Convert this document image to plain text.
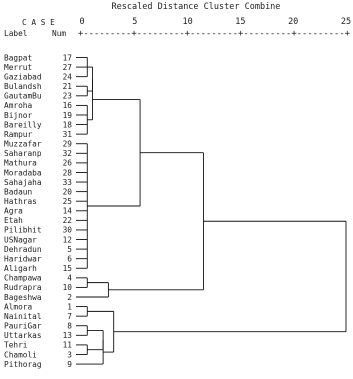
Rescaled Distance Cluster Combine
C A S E
Label	Num
0	5	10	15	20	25
+---------+---------+---------+---------+---------+
Bagpat	17
Merrut	27
Gaziabad	24
Bulandsh	21
GautamBu	23
Amroha	16
Bijnor	19
Bareilly	18
Rampur	31
Muzzafar	29
Saharanp	32
Mathura	26
Moradaba	28
Sahajaha	33
Badaun	20
Hathras	25
Agra	14
Etah	22
Pilibhit	30
USNagar	12
Dehradun	5
Haridwar	6
Aligarh	15
Champawa	4
Rudrapra	10
Bageshwa	2
Almora	1
Nainital	7
PauriGar	8
Uttarkas	13
Tehri	11
Chamoli	3
Pithorag	9
